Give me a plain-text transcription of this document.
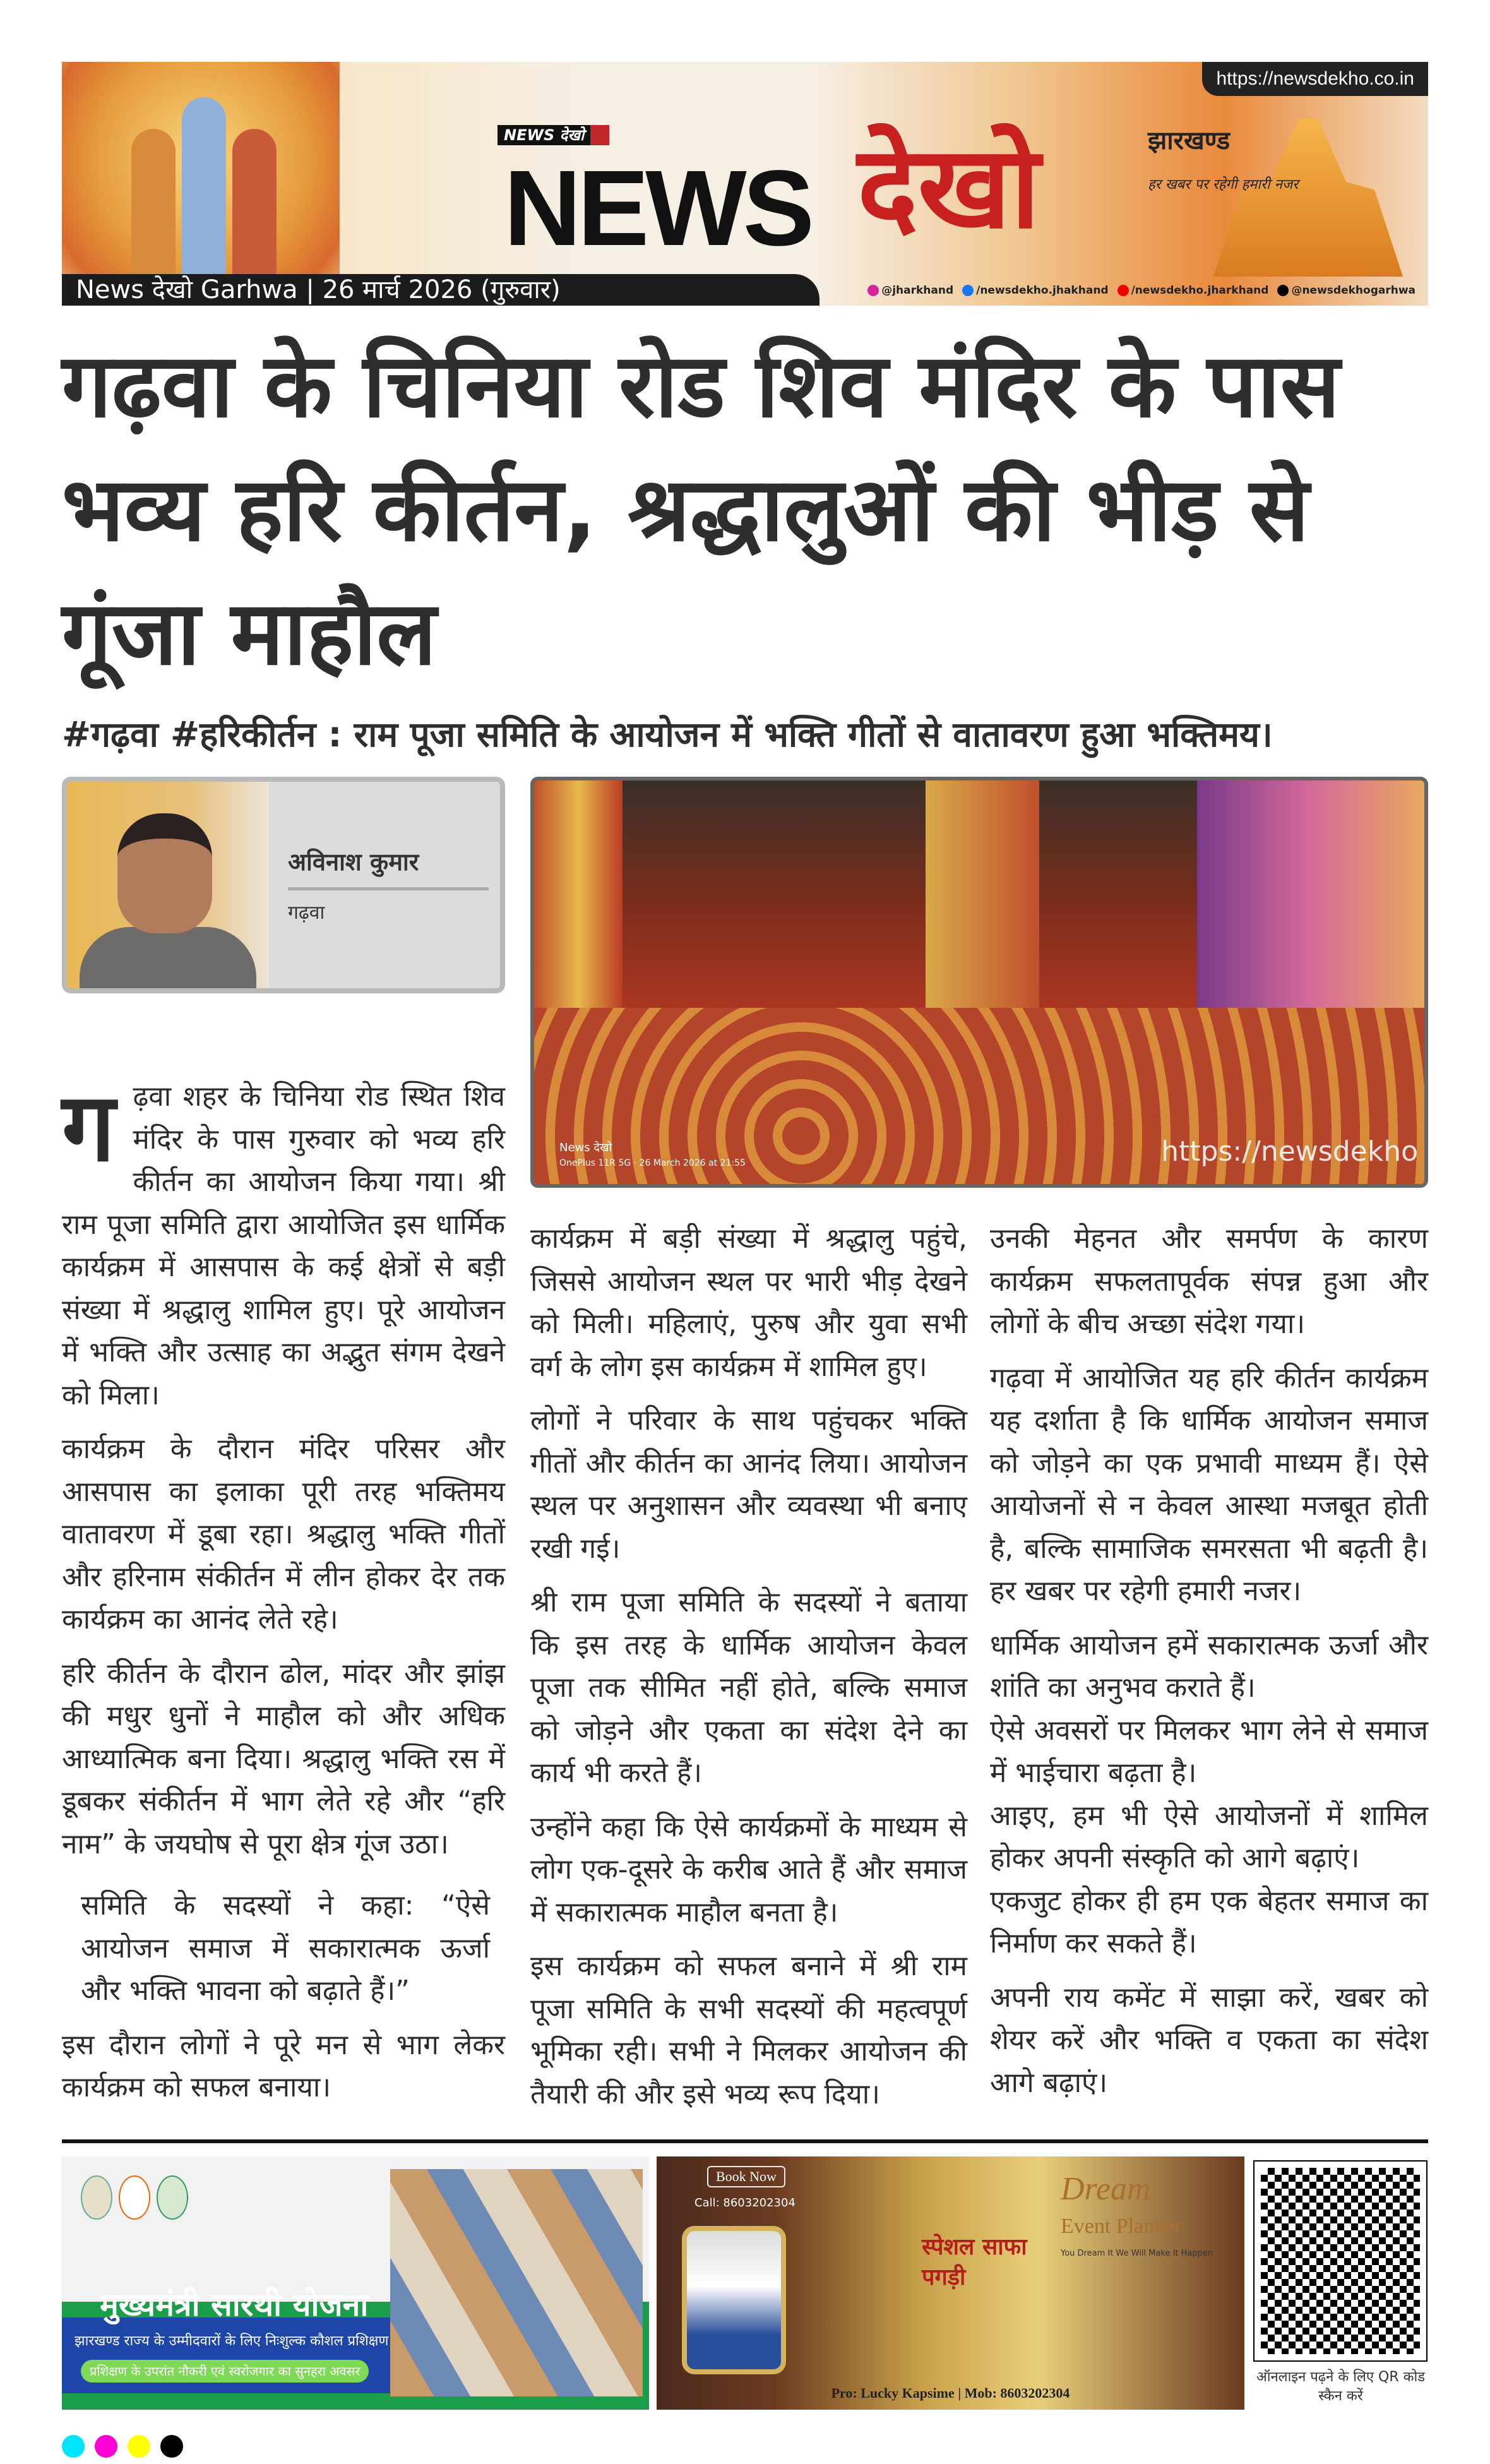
https://newsdekho.co.in
NEWS देखो
NEWS देखो	झारखण्ड
हर खबर पर रहेगी हमारी नजर
News देखो Garhwa | 26 मार्च 2026 (गुरुवार)	@jharkhand /newsdekho.jhakhand /newsdekho.jharkhand @newsdekhogarhwa
गढ़वा के चिनिया रोड शिव मंदिर के पास भव्य हरि कीर्तन, श्रद्धालुओं की भीड़ से गूंजा माहौल
#गढ़वा #हरिकीर्तन : राम पूजा समिति के आयोजन में भक्ति गीतों से वातावरण हुआ भक्तिमय।
अविनाश कुमार
गढ़वा

गढ़वा शहर के चिनिया रोड स्थित शिव मंदिर के पास गुरुवार को भव्य हरि कीर्तन का आयोजन किया गया। श्री राम पूजा समिति द्वारा आयोजित इस धार्मिक कार्यक्रम में आसपास के कई क्षेत्रों से बड़ी संख्या में श्रद्धालु शामिल हुए। पूरे आयोजन में भक्ति और उत्साह का अद्भुत संगम देखने को मिला।

कार्यक्रम के दौरान मंदिर परिसर और आसपास का इलाका पूरी तरह भक्तिमय वातावरण में डूबा रहा। श्रद्धालु भक्ति गीतों और हरिनाम संकीर्तन में लीन होकर देर तक कार्यक्रम का आनंद लेते रहे।

हरि कीर्तन के दौरान ढोल, मांदर और झांझ की मधुर धुनों ने माहौल को और अधिक आध्यात्मिक बना दिया। श्रद्धालु भक्ति रस में डूबकर संकीर्तन में भाग लेते रहे और “हरि नाम” के जयघोष से पूरा क्षेत्र गूंज उठा।

समिति के सदस्यों ने कहा: “ऐसे आयोजन समाज में सकारात्मक ऊर्जा और भक्ति भावना को बढ़ाते हैं।”

इस दौरान लोगों ने पूरे मन से भाग लेकर कार्यक्रम को सफल बनाया।

News देखो
OnePlus 11R 5G · 26 March 2026 at 21:55	https://newsdekho

कार्यक्रम में बड़ी संख्या में श्रद्धालु पहुंचे, जिससे आयोजन स्थल पर भारी भीड़ देखने को मिली। महिलाएं, पुरुष और युवा सभी वर्ग के लोग इस कार्यक्रम में शामिल हुए।

लोगों ने परिवार के साथ पहुंचकर भक्ति गीतों और कीर्तन का आनंद लिया। आयोजन स्थल पर अनुशासन और व्यवस्था भी बनाए रखी गई।

श्री राम पूजा समिति के सदस्यों ने बताया कि इस तरह के धार्मिक आयोजन केवल पूजा तक सीमित नहीं होते, बल्कि समाज को जोड़ने और एकता का संदेश देने का कार्य भी करते हैं।

उन्होंने कहा कि ऐसे कार्यक्रमों के माध्यम से लोग एक-दूसरे के करीब आते हैं और समाज में सकारात्मक माहौल बनता है।

इस कार्यक्रम को सफल बनाने में श्री राम पूजा समिति के सभी सदस्यों की महत्वपूर्ण भूमिका रही। सभी ने मिलकर आयोजन की तैयारी की और इसे भव्य रूप दिया।

उनकी मेहनत और समर्पण के कारण कार्यक्रम सफलतापूर्वक संपन्न हुआ और लोगों के बीच अच्छा संदेश गया।

गढ़वा में आयोजित यह हरि कीर्तन कार्यक्रम यह दर्शाता है कि धार्मिक आयोजन समाज को जोड़ने का एक प्रभावी माध्यम हैं। ऐसे आयोजनों से न केवल आस्था मजबूत होती है, बल्कि सामाजिक समरसता भी बढ़ती है। हर खबर पर रहेगी हमारी नजर।

धार्मिक आयोजन हमें सकारात्मक ऊर्जा और शांति का अनुभव कराते हैं।

ऐसे अवसरों पर मिलकर भाग लेने से समाज में भाईचारा बढ़ता है।

आइए, हम भी ऐसे आयोजनों में शामिल होकर अपनी संस्कृति को आगे बढ़ाएं।

एकजुट होकर ही हम एक बेहतर समाज का निर्माण कर सकते हैं।

अपनी राय कमेंट में साझा करें, खबर को शेयर करें और भक्ति व एकता का संदेश आगे बढ़ाएं।

मुख्यमंत्री सारथी योजना
झारखण्ड राज्य के उम्मीदवारों के लिए निःशुल्क कौशल प्रशिक्षण
प्रशिक्षण के उपरांत नौकरी एवं स्वरोजगार का सुनहरा अवसर
Book Now
Call: 8603202304
स्पेशल साफा पगड़ी
Dream
Event Planner
You Dream It We Will Make It Happen
Pro: Lucky Kapsime | Mob: 8603202304
ऑनलाइन पढ़ने के लिए QR कोड स्कैन करें
